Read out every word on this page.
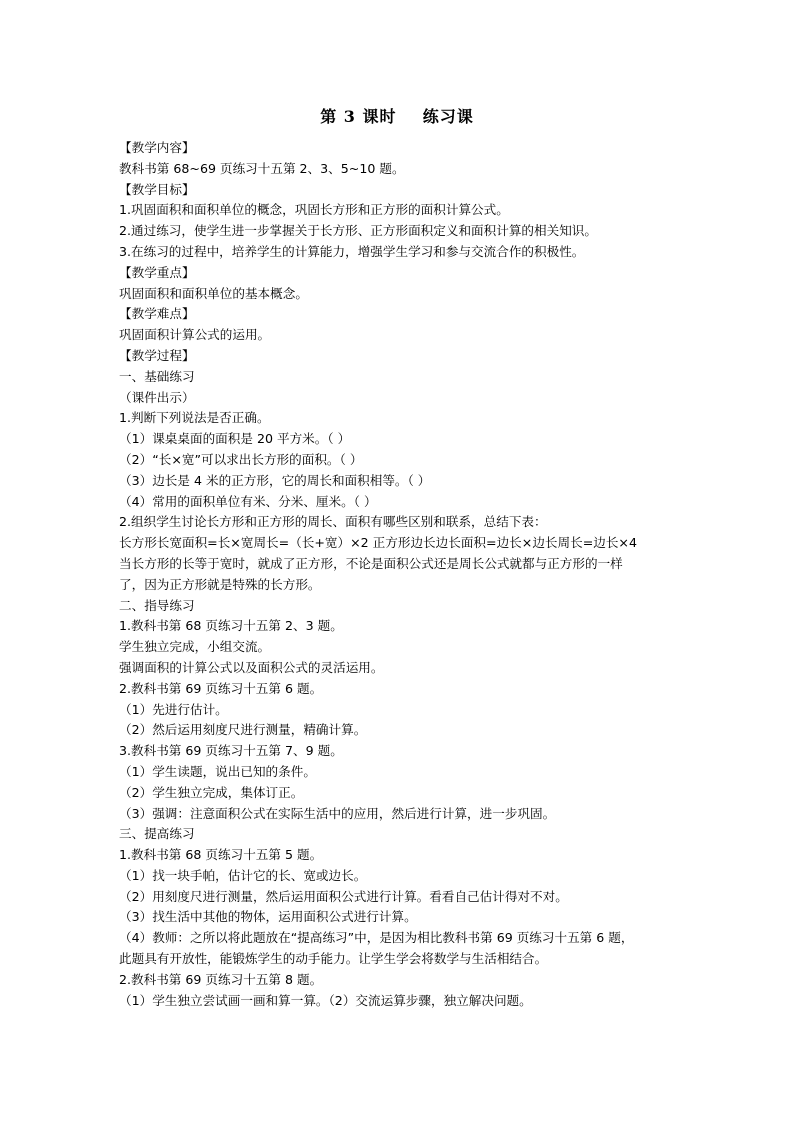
第 3 课时    练习课
【教学内容】
教科书第 68~69 页练习十五第 2、3、5~10 题。
【教学目标】
1.巩固面积和面积单位的概念，巩固长方形和正方形的面积计算公式。
2.通过练习，使学生进一步掌握关于长方形、正方形面积定义和面积计算的相关知识。
3.在练习的过程中，培养学生的计算能力，增强学生学习和参与交流合作的积极性。
【教学重点】
巩固面积和面积单位的基本概念。
【教学难点】
巩固面积计算公式的运用。
【教学过程】
一、基础练习
（课件出示）
1.判断下列说法是否正确。
（1）课桌桌面的面积是 20 平方米。（ ）
（2）“长×宽”可以求出长方形的面积。（ ）
（3）边长是 4 米的正方形，它的周长和面积相等。（ ）
（4）常用的面积单位有米、分米、厘米。（ ）
2.组织学生讨论长方形和正方形的周长、面积有哪些区别和联系，总结下表：
长方形长宽面积=长×宽周长=（长+宽）×2 正方形边长边长面积=边长×边长周长=边长×4
当长方形的长等于宽时，就成了正方形，不论是面积公式还是周长公式就都与正方形的一样
了，因为正方形就是特殊的长方形。
二、指导练习
1.教科书第 68 页练习十五第 2、3 题。
学生独立完成，小组交流。
强调面积的计算公式以及面积公式的灵活运用。
2.教科书第 69 页练习十五第 6 题。
（1）先进行估计。
（2）然后运用刻度尺进行测量，精确计算。
3.教科书第 69 页练习十五第 7、9 题。
（1）学生读题，说出已知的条件。
（2）学生独立完成，集体订正。
（3）强调：注意面积公式在实际生活中的应用，然后进行计算，进一步巩固。
三、提高练习
1.教科书第 68 页练习十五第 5 题。
（1）找一块手帕，估计它的长、宽或边长。
（2）用刻度尺进行测量，然后运用面积公式进行计算。看看自己估计得对不对。
（3）找生活中其他的物体，运用面积公式进行计算。
（4）教师：之所以将此题放在“提高练习”中，是因为相比教科书第 69 页练习十五第 6 题，
此题具有开放性，能锻炼学生的动手能力。让学生学会将数学与生活相结合。
2.教科书第 69 页练习十五第 8 题。
（1）学生独立尝试画一画和算一算。（2）交流运算步骤，独立解决问题。
